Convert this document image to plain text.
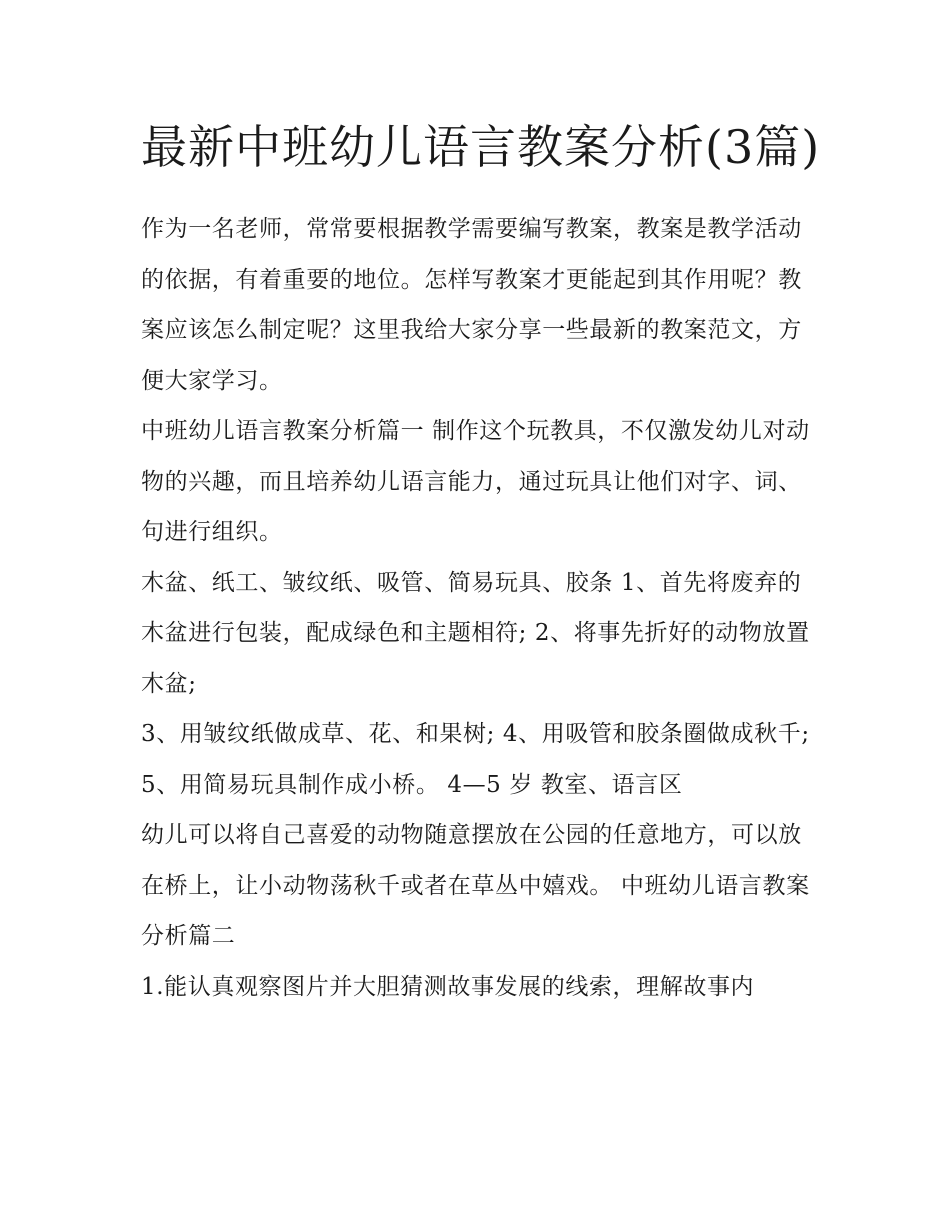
最新中班幼儿语言教案分析(3篇)

作为一名老师，常常要根据教学需要编写教案，教案是教学活动的依据，有着重要的地位。怎样写教案才更能起到其作用呢？教案应该怎么制定呢？这里我给大家分享一些最新的教案范文，方便大家学习。

中班幼儿语言教案分析篇一 制作这个玩教具，不仅激发幼儿对动物的兴趣，而且培养幼儿语言能力，通过玩具让他们对字、词、句进行组织。

木盆、纸工、皱纹纸、吸管、简易玩具、胶条 1、首先将废弃的木盆进行包装，配成绿色和主题相符; 2、将事先折好的动物放置木盆;

3、用皱纹纸做成草、花、和果树; 4、用吸管和胶条圈做成秋千; 5、用简易玩具制作成小桥。 4—5 岁 教室、语言区

幼儿可以将自己喜爱的动物随意摆放在公园的任意地方，可以放在桥上，让小动物荡秋千或者在草丛中嬉戏。 中班幼儿语言教案分析篇二

1.能认真观察图片并大胆猜测故事发展的线索，理解故事内
